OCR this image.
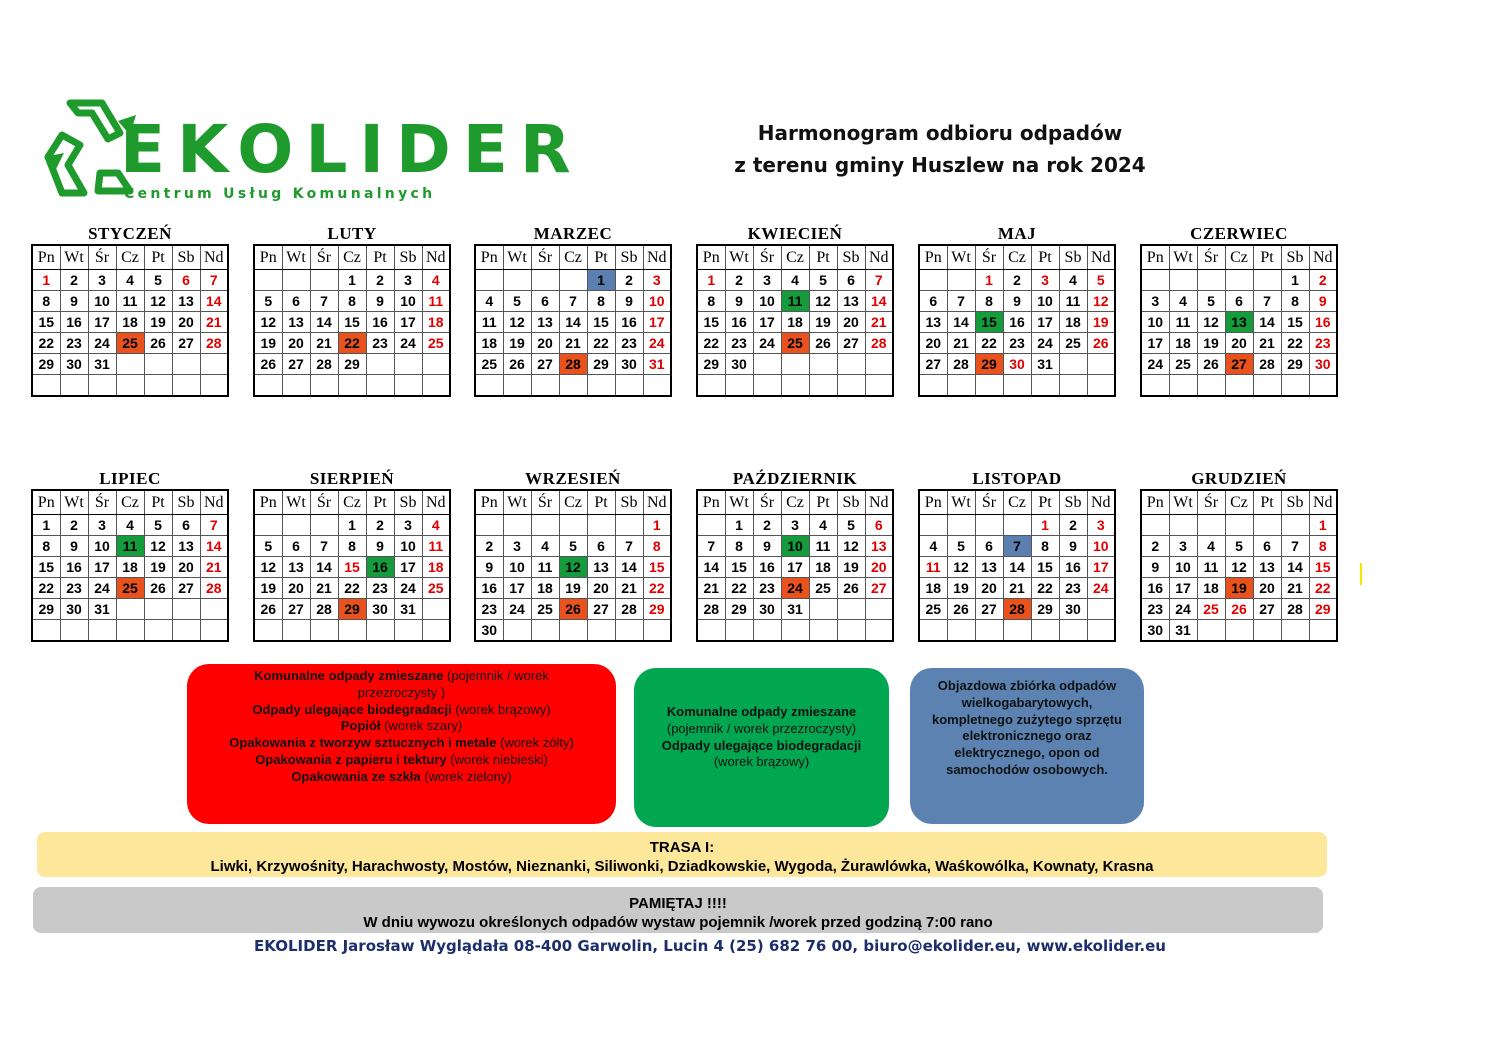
EKOLIDER
Centrum Usług Komunalnych
Harmonogram odbioru odpadów
z terenu gminy Huszlew na rok 2024
STYCZEŃ
Pn	Wt	Śr	Cz	Pt	Sb	Nd
1	2	3	4	5	6	7
8	9	10	11	12	13	14
15	16	17	18	19	20	21
22	23	24	25	26	27	28
29	30	31				

LUTY
Pn	Wt	Śr	Cz	Pt	Sb	Nd
			1	2	3	4
5	6	7	8	9	10	11
12	13	14	15	16	17	18
19	20	21	22	23	24	25
26	27	28	29			

MARZEC
Pn	Wt	Śr	Cz	Pt	Sb	Nd
				1	2	3
4	5	6	7	8	9	10
11	12	13	14	15	16	17
18	19	20	21	22	23	24
25	26	27	28	29	30	31

KWIECIEŃ
Pn	Wt	Śr	Cz	Pt	Sb	Nd
1	2	3	4	5	6	7
8	9	10	11	12	13	14
15	16	17	18	19	20	21
22	23	24	25	26	27	28
29	30					

MAJ
Pn	Wt	Śr	Cz	Pt	Sb	Nd
		1	2	3	4	5
6	7	8	9	10	11	12
13	14	15	16	17	18	19
20	21	22	23	24	25	26
27	28	29	30	31		

CZERWIEC
Pn	Wt	Śr	Cz	Pt	Sb	Nd
					1	2
3	4	5	6	7	8	9
10	11	12	13	14	15	16
17	18	19	20	21	22	23
24	25	26	27	28	29	30

LIPIEC
Pn	Wt	Śr	Cz	Pt	Sb	Nd
1	2	3	4	5	6	7
8	9	10	11	12	13	14
15	16	17	18	19	20	21
22	23	24	25	26	27	28
29	30	31				

SIERPIEŃ
Pn	Wt	Śr	Cz	Pt	Sb	Nd
			1	2	3	4
5	6	7	8	9	10	11
12	13	14	15	16	17	18
19	20	21	22	23	24	25
26	27	28	29	30	31	

WRZESIEŃ
Pn	Wt	Śr	Cz	Pt	Sb	Nd
						1
2	3	4	5	6	7	8
9	10	11	12	13	14	15
16	17	18	19	20	21	22
23	24	25	26	27	28	29
30						
PAŹDZIERNIK
Pn	Wt	Śr	Cz	Pt	Sb	Nd
	1	2	3	4	5	6
7	8	9	10	11	12	13
14	15	16	17	18	19	20
21	22	23	24	25	26	27
28	29	30	31			

LISTOPAD
Pn	Wt	Śr	Cz	Pt	Sb	Nd
				1	2	3
4	5	6	7	8	9	10
11	12	13	14	15	16	17
18	19	20	21	22	23	24
25	26	27	28	29	30	

GRUDZIEŃ
Pn	Wt	Śr	Cz	Pt	Sb	Nd
						1
2	3	4	5	6	7	8
9	10	11	12	13	14	15
16	17	18	19	20	21	22
23	24	25	26	27	28	29
30	31					
Komunalne odpady zmieszane (pojemnik / worek przezroczysty )
Odpady ulegające biodegradacji (worek brązowy)
Popiół (worek szary)
Opakowania z tworzyw sztucznych i metale (worek żółty)
Opakowania z papieru i tektury (worek niebieski)
Opakowania ze szkła (worek zielony)
Komunalne odpady zmieszane
(pojemnik / worek przezroczysty)
Odpady ulegające biodegradacji (worek brązowy)
Objazdowa zbiórka odpadów wielkogabarytowych, kompletnego zużytego sprzętu elektronicznego oraz elektrycznego, opon od samochodów osobowych.
TRASA I:
Liwki, Krzywośnity, Harachwosty, Mostów, Nieznanki, Siliwonki, Dziadkowskie, Wygoda, Żurawlówka, Waśkowólka, Kownaty, Krasna
PAMIĘTAJ !!!!
W dniu wywozu określonych odpadów wystaw pojemnik /worek przed godziną 7:00 rano
EKOLIDER Jarosław Wyglądała 08-400 Garwolin, Lucin 4 (25) 682 76 00, biuro@ekolider.eu, www.ekolider.eu
